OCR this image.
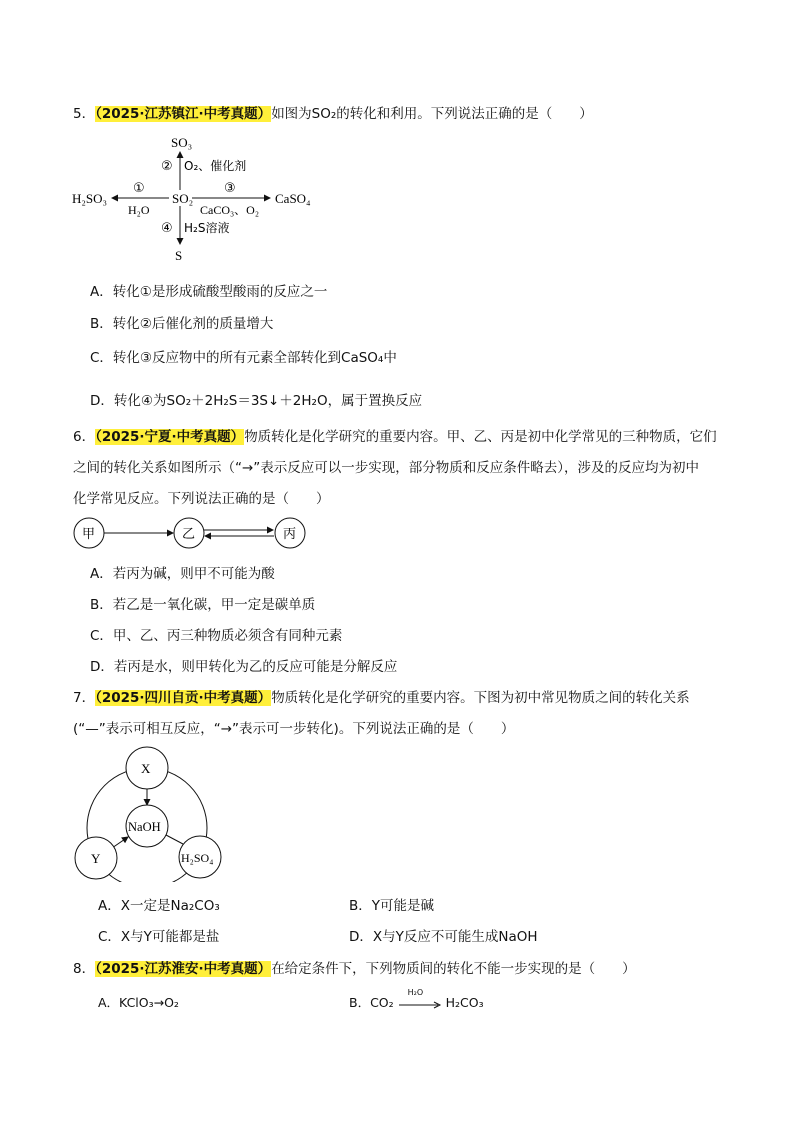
5．（2025·江苏镇江·中考真题）如图为SO₂的转化和利用。下列说法正确的是（　　）
SO₂
SO₃
② O₂、催化剂
H₂SO₃
①
H₂O
CaSO₄
③
CaCO₃、O₂
S
④ H₂S溶液
A．转化①是形成硫酸型酸雨的反应之一
B．转化②后催化剂的质量增大
C．转化③反应物中的所有元素全部转化到CaSO₄中
D．转化④为SO₂＋2H₂S＝3S↓＋2H₂O，属于置换反应
6．（2025·宁夏·中考真题）物质转化是化学研究的重要内容。甲、乙、丙是初中化学常见的三种物质，它们
之间的转化关系如图所示（“→”表示反应可以一步实现，部分物质和反应条件略去），涉及的反应均为初中
化学常见反应。下列说法正确的是（　　）
甲	乙	丙
A．若丙为碱，则甲不可能为酸
B．若乙是一氧化碳，甲一定是碳单质
C．甲、乙、丙三种物质必须含有同种元素
D．若丙是水，则甲转化为乙的反应可能是分解反应
7．（2025·四川自贡·中考真题）物质转化是化学研究的重要内容。下图为初中常见物质之间的转化关系
(“—”表示可相互反应，“→”表示可一步转化)。下列说法正确的是（　　）
X
NaOH
Y	H₂SO₄
A．X一定是Na₂CO₃	B．Y可能是碱
C．X与Y可能都是盐	D．X与Y反应不可能生成NaOH
8．（2025·江苏淮安·中考真题）在给定条件下，下列物质间的转化不能一步实现的是（　　）
A．KClO₃→O₂	B．CO₂
H₂O
H₂CO₃
